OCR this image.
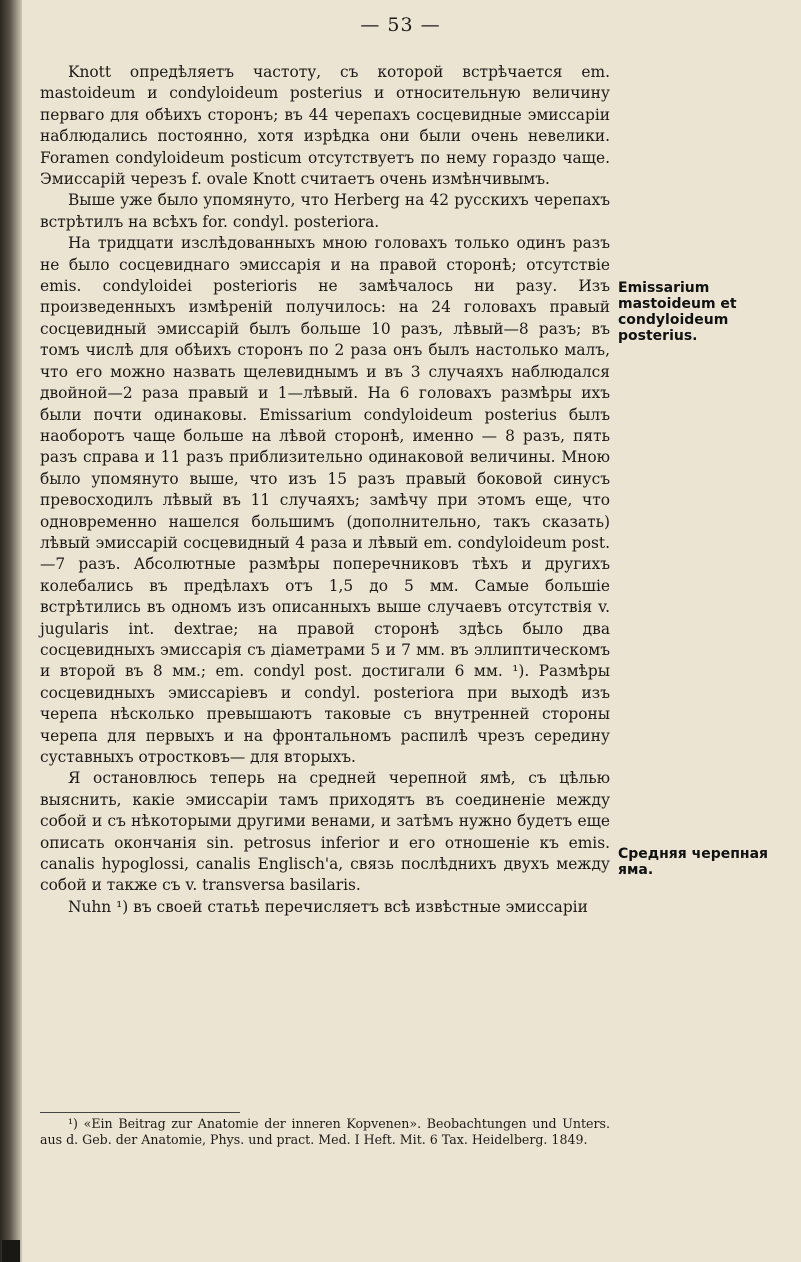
— 53 —

Knott опредѣляетъ частоту, съ которой встрѣчается em. mastoideum и condyloideum posterius и относительную величину перваго для обѣихъ сторонъ; въ 44 черепахъ сосцевидные эмиссаріи наблюдались постоянно, хотя изрѣдка они были очень невелики. Foramen condyloideum posticum отсутствуетъ по нему гораздо чаще. Эмиссарій черезъ f. ovale Knott считаетъ очень измѣнчивымъ.

Выше уже было упомянуто, что Herberg на 42 русскихъ черепахъ встрѣтилъ на всѣхъ for. condyl. posteriora.

На тридцати изслѣдованныхъ мною головахъ только одинъ разъ не было сосцевиднаго эмиссарія и на правой сторонѣ; отсутствіе emis. condyloidei posterioris не замѣчалось ни разу. Изъ произведенныхъ измѣреній получилось: на 24 головахъ правый сосцевидный эмиссарій былъ больше 10 разъ, лѣвый—8 разъ; въ томъ числѣ для обѣихъ сторонъ по 2 раза онъ былъ настолько малъ, что его можно назвать щелевиднымъ и въ 3 случаяхъ наблюдался двойной—2 раза правый и 1—лѣвый. На 6 головахъ размѣры ихъ были почти одинаковы. Emissarium condyloideum posterius былъ наоборотъ чаще больше на лѣвой сторонѣ, именно — 8 разъ, пять разъ справа и 11 разъ приблизительно одинаковой величины. Мною было упомянуто выше, что изъ 15 разъ правый боковой синусъ превосходилъ лѣвый въ 11 случаяхъ; замѣчу при этомъ еще, что одновременно нашелся большимъ (дополнительно, такъ сказать) лѣвый эмиссарій сосцевидный 4 раза и лѣвый em. condyloideum post.—7 разъ. Абсолютные размѣры поперечниковъ тѣхъ и другихъ колебались въ предѣлахъ отъ 1,5 до 5 мм. Самые большіе встрѣтились въ одномъ изъ описанныхъ выше случаевъ отсутствія v. jugularis int. dextrae; на правой сторонѣ здѣсь было два сосцевидныхъ эмиссарія съ діаметрами 5 и 7 мм. въ эллиптическомъ и второй въ 8 мм.; em. condyl post. достигали 6 мм. ¹). Размѣры сосцевидныхъ эмиссаріевъ и condyl. posteriora при выходѣ изъ черепа нѣсколько превышаютъ таковые съ внутренней стороны черепа для первыхъ и на фронтальномъ распилѣ чрезъ середину суставныхъ отростковъ— для вторыхъ.

Я остановлюсь теперь на средней черепной ямѣ, съ цѣлью выяснить, какіе эмиссаріи тамъ приходятъ въ соединеніе между собой и съ нѣкоторыми другими венами, и затѣмъ нужно будетъ еще описать окончанія sin. petrosus inferior и его отношеніе къ emis. canalis hypoglossi, canalis Englisch'a, связь послѣднихъ двухъ между собой и также съ v. transversa basilaris.

Nuhn ¹) въ своей статьѣ перечисляетъ всѣ извѣстные эмиссаріи

Emissarium mastoideum et condyloideum posterius.
Средняя черепная яма.
¹) «Ein Beitrag zur Anatomie der inneren Kopvenen». Beobachtungen und Unters. aus d. Geb. der Anatomie, Phys. und pract. Med. I Heft. Mit. 6 Tax. Heidelberg. 1849.
